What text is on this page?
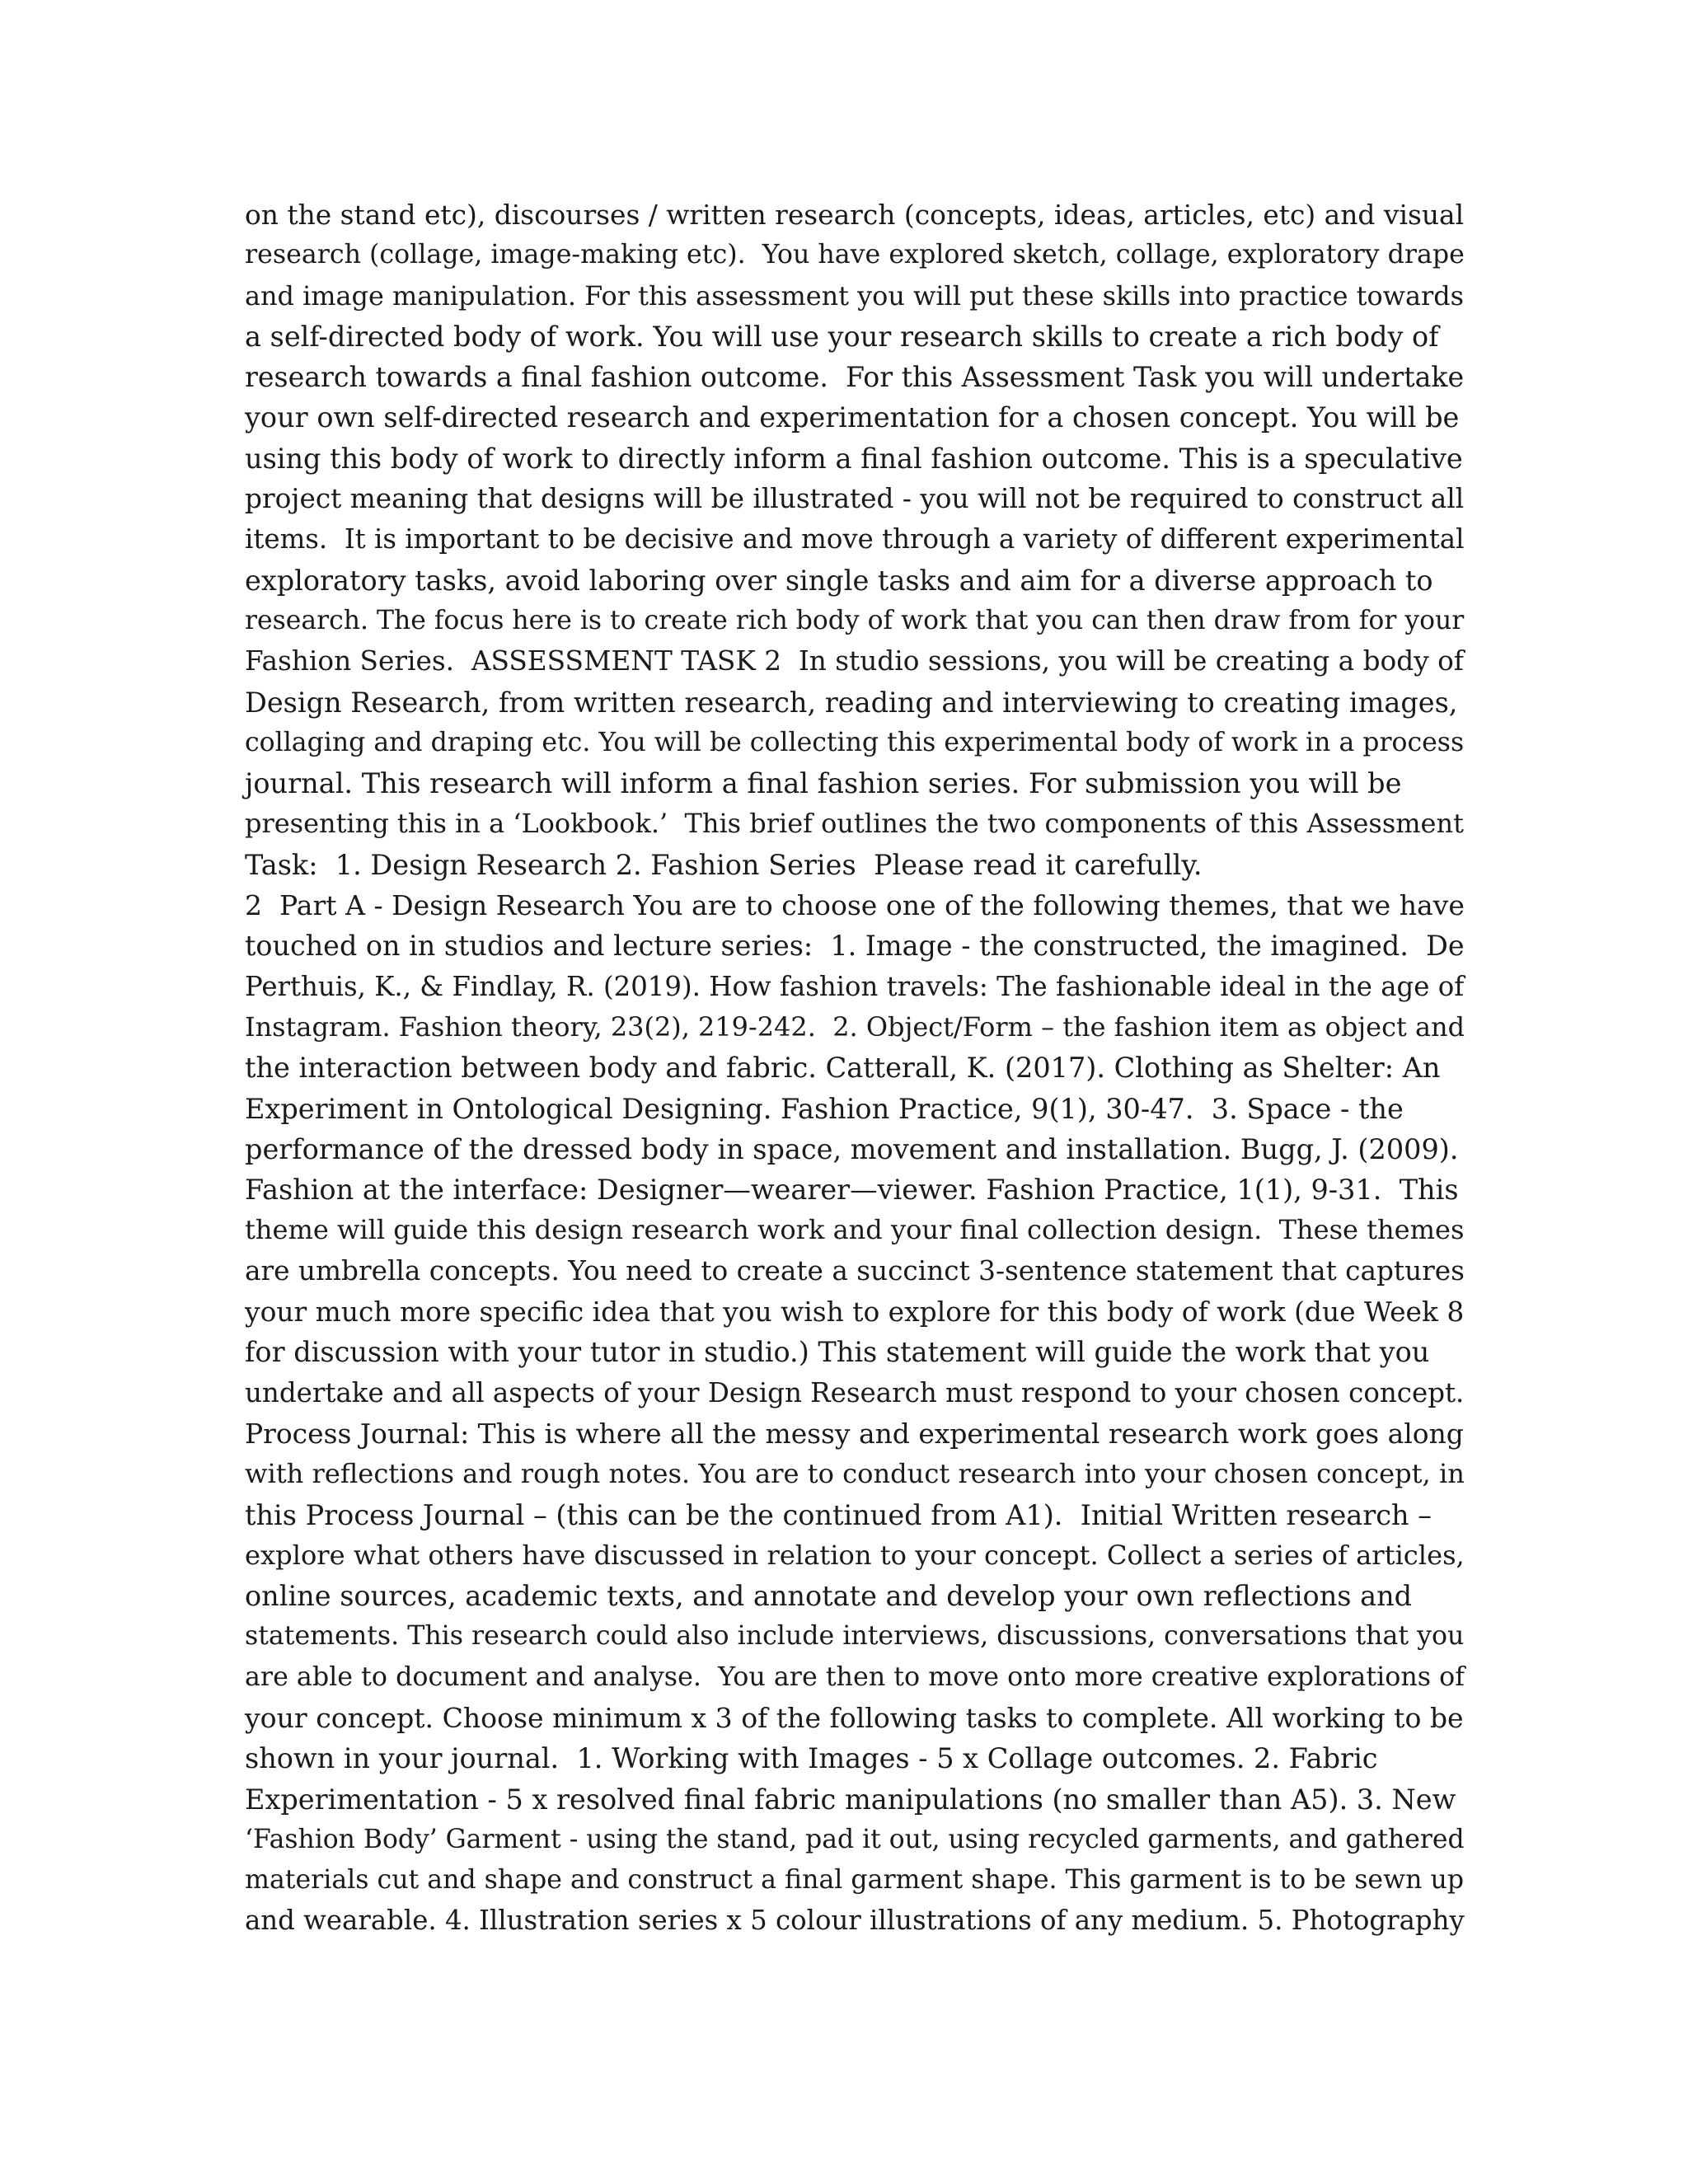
on the stand etc), discourses / written research (concepts, ideas, articles, etc) and visual
research (collage, image-making etc).  You have explored sketch, collage, exploratory drape
and image manipulation. For this assessment you will put these skills into practice towards
a self-directed body of work. You will use your research skills to create a rich body of
research towards a final fashion outcome.  For this Assessment Task you will undertake
your own self-directed research and experimentation for a chosen concept. You will be
using this body of work to directly inform a final fashion outcome. This is a speculative
project meaning that designs will be illustrated - you will not be required to construct all
items.  It is important to be decisive and move through a variety of different experimental
exploratory tasks, avoid laboring over single tasks and aim for a diverse approach to
research. The focus here is to create rich body of work that you can then draw from for your
Fashion Series.  ASSESSMENT TASK 2  In studio sessions, you will be creating a body of
Design Research, from written research, reading and interviewing to creating images,
collaging and draping etc. You will be collecting this experimental body of work in a process
journal. This research will inform a final fashion series. For submission you will be
presenting this in a ‘Lookbook.’  This brief outlines the two components of this Assessment
Task:  1. Design Research 2. Fashion Series  Please read it carefully.
2  Part A - Design Research You are to choose one of the following themes, that we have
touched on in studios and lecture series:  1. Image - the constructed, the imagined.  De
Perthuis, K., & Findlay, R. (2019). How fashion travels: The fashionable ideal in the age of
Instagram. Fashion theory, 23(2), 219-242.  2. Object/Form – the fashion item as object and
the interaction between body and fabric. Catterall, K. (2017). Clothing as Shelter: An
Experiment in Ontological Designing. Fashion Practice, 9(1), 30-47.  3. Space - the
performance of the dressed body in space, movement and installation. Bugg, J. (2009).
Fashion at the interface: Designer—wearer—viewer. Fashion Practice, 1(1), 9-31.  This
theme will guide this design research work and your final collection design.  These themes
are umbrella concepts. You need to create a succinct 3-sentence statement that captures
your much more specific idea that you wish to explore for this body of work (due Week 8
for discussion with your tutor in studio.) This statement will guide the work that you
undertake and all aspects of your Design Research must respond to your chosen concept.
Process Journal: This is where all the messy and experimental research work goes along
with reflections and rough notes. You are to conduct research into your chosen concept, in
this Process Journal – (this can be the continued from A1).  Initial Written research –
explore what others have discussed in relation to your concept. Collect a series of articles,
online sources, academic texts, and annotate and develop your own reflections and
statements. This research could also include interviews, discussions, conversations that you
are able to document and analyse.  You are then to move onto more creative explorations of
your concept. Choose minimum x 3 of the following tasks to complete. All working to be
shown in your journal.  1. Working with Images - 5 x Collage outcomes. 2. Fabric
Experimentation - 5 x resolved final fabric manipulations (no smaller than A5). 3. New
‘Fashion Body’ Garment - using the stand, pad it out, using recycled garments, and gathered
materials cut and shape and construct a final garment shape. This garment is to be sewn up
and wearable. 4. Illustration series x 5 colour illustrations of any medium. 5. Photography
